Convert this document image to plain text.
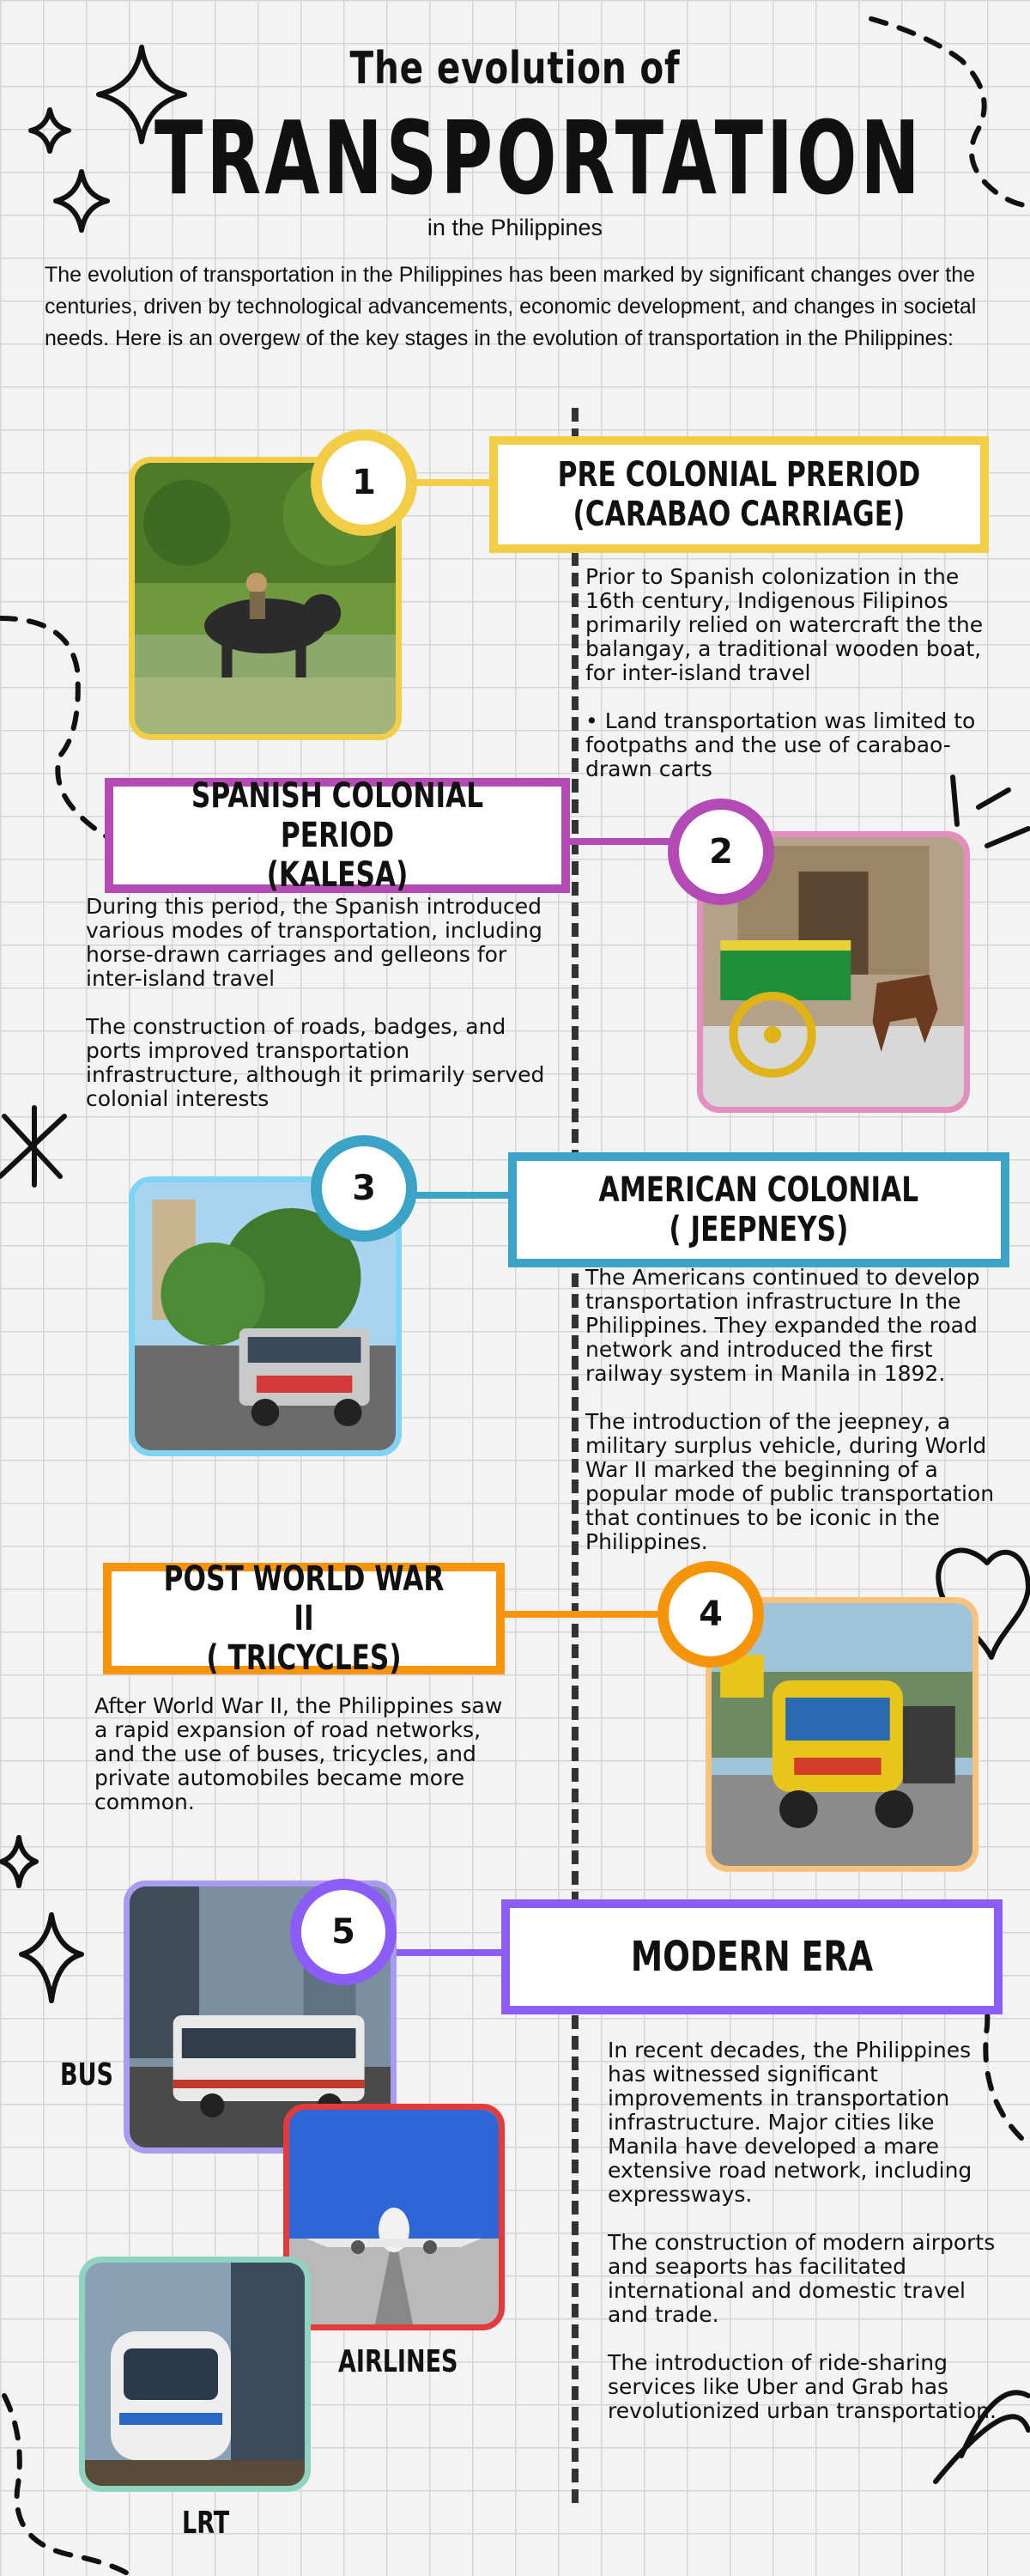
The evolution of
TRANSPORTATION
in the Philippines
The evolution of transportation in the Philippines has been marked by significant changes over the centuries, driven by technological advancements, economic development, and changes in societal needs. Here is an overgew of the key stages in the evolution of transportation in the Philippines:
1	PRE COLONIAL PRERIOD
(CARABAO CARRIAGE)
Prior to Spanish colonization in the 16th century, Indigenous Filipinos primarily relied on watercraft the the balangay, a traditional wooden boat, for inter-island travel

• Land transportation was limited to footpaths and the use of carabao-drawn carts
SPANISH COLONIAL PERIOD
(KALESA)
2
During this period, the Spanish introduced various modes of transportation, including horse-drawn carriages and gelleons for inter-island travel

The construction of roads, badges, and ports improved transportation infrastructure, although it primarily served colonial interests
3	AMERICAN COLONIAL
( JEEPNEYS)
The Americans continued to develop transportation infrastructure In the Philippines. They expanded the road network and introduced the first railway system in Manila in 1892.

The introduction of the jeepney, a military surplus vehicle, during World War II marked the beginning of a popular mode of public transportation that continues to be iconic in the Philippines.
POST WORLD WAR II
( TRICYCLES)
4
After World War II, the Philippines saw a rapid expansion of road networks, and the use of buses, tricycles, and private automobiles became more common.
5
MODERN ERA
BUS
AIRLINES
LRT
In recent decades, the Philippines has witnessed significant improvements in transportation infrastructure. Major cities like Manila have developed a mare extensive road network, including expressways.

The construction of modern airports and seaports has facilitated international and domestic travel and trade.

The introduction of ride-sharing services like Uber and Grab has revolutionized urban transportation.
